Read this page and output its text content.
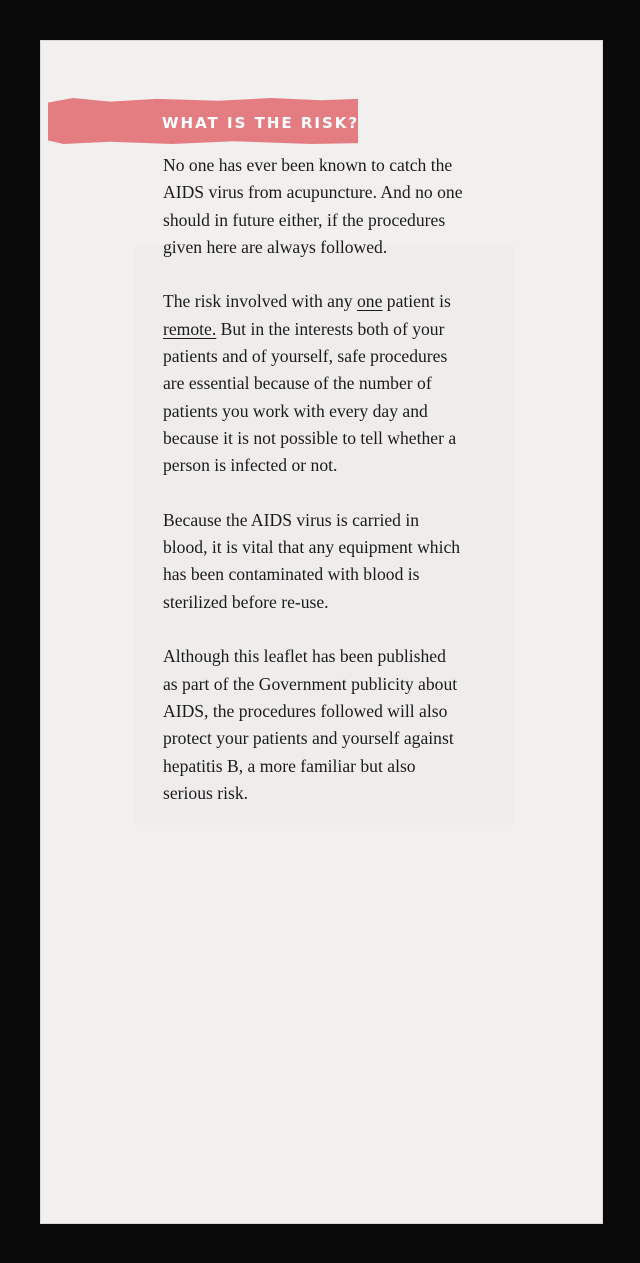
WHAT IS THE RISK?

No one has ever been known to catch the AIDS virus from acupuncture. And no one should in future either, if the procedures given here are always followed.

The risk involved with any one patient is remote. But in the interests both of your patients and of yourself, safe procedures are essential because of the number of patients you work with every day and because it is not possible to tell whether a person is infected or not.

Because the AIDS virus is carried in blood, it is vital that any equipment which has been contaminated with blood is sterilized before re-use.

Although this leaflet has been published as part of the Government publicity about AIDS, the procedures followed will also protect your patients and yourself against hepatitis B, a more familiar but also serious risk.
